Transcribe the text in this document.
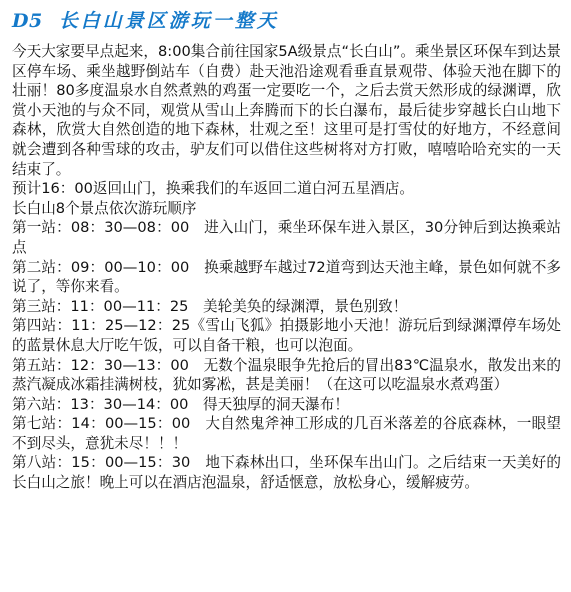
D5 长白山景区游玩一整天

今天大家要早点起来，8:00集合前往国家5A级景点“长白山”。乘坐景区环保车到达景区停车场、乘坐越野倒站车（自费）赴天池沿途观看垂直景观带、体验天池在脚下的壮丽！80多度温泉水自然煮熟的鸡蛋一定要吃一个，之后去赏天然形成的绿渊谭，欣赏小天池的与众不同，观赏从雪山上奔腾而下的长白瀑布，最后徒步穿越长白山地下森林，欣赏大自然创造的地下森林，壮观之至！这里可是打雪仗的好地方，不经意间就会遭到各种雪球的攻击，驴友们可以借住这些树将对方打败，嘻嘻哈哈充实的一天结束了。

预计16：00返回山门，换乘我们的车返回二道白河五星酒店。

长白山8个景点依次游玩顺序

第一站：08：30—08：00　进入山门，乘坐环保车进入景区，30分钟后到达换乘站点

第二站：09：00—10：00　换乘越野车越过72道弯到达天池主峰，景色如何就不多说了，等你来看。

第三站：11：00—11：25　美轮美奂的绿渊潭，景色别致！

第四站：11：25—12：25《雪山飞狐》拍摄影地小天池！游玩后到绿渊潭停车场处的蓝景休息大厅吃午饭，可以自备干粮，也可以泡面。

第五站：12：30—13：00　无数个温泉眼争先抢后的冒出83℃温泉水，散发出来的蒸汽凝成冰霜挂满树枝，犹如雾凇，甚是美丽！（在这可以吃温泉水煮鸡蛋）

第六站：13：30—14：00　得天独厚的洞天瀑布！

第七站：14：00—15：00　大自然鬼斧神工形成的几百米落差的谷底森林，一眼望不到尽头，意犹未尽！！！

第八站：15：00—15：30　地下森林出口，坐环保车出山门。之后结束一天美好的长白山之旅！晚上可以在酒店泡温泉，舒适惬意，放松身心，缓解疲劳。
